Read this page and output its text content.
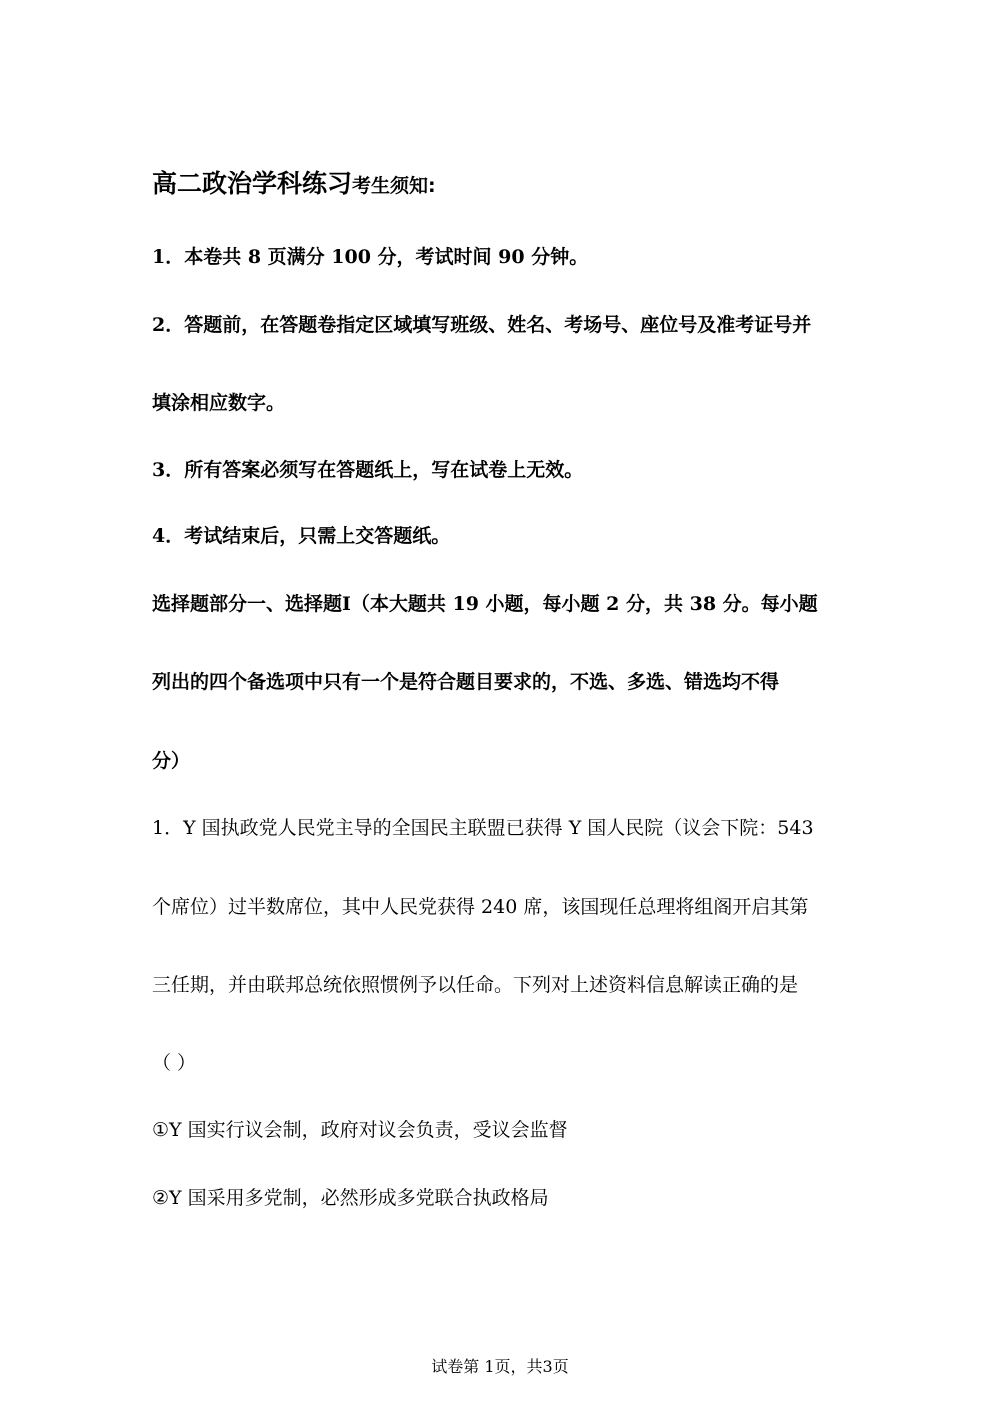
高二政治学科练习考生须知:
1．本卷共 8 页满分 100 分，考试时间 90 分钟。
2．答题前，在答题卷指定区域填写班级、姓名、考场号、座位号及准考证号并
填涂相应数字。
3．所有答案必须写在答题纸上，写在试卷上无效。
4．考试结束后，只需上交答题纸。
选择题部分一、选择题Ⅰ（本大题共 19 小题，每小题 2 分，共 38 分。每小题
列出的四个备选项中只有一个是符合题目要求的，不选、多选、错选均不得
分）
1．Y 国执政党人民党主导的全国民主联盟已获得 Y 国人民院（议会下院：543
个席位）过半数席位，其中人民党获得 240 席，该国现任总理将组阁开启其第
三任期，并由联邦总统依照惯例予以任命。下列对上述资料信息解读正确的是
（ ）
①Y 国实行议会制，政府对议会负责，受议会监督
②Y 国采用多党制，必然形成多党联合执政格局
试卷第 1页，共3页
